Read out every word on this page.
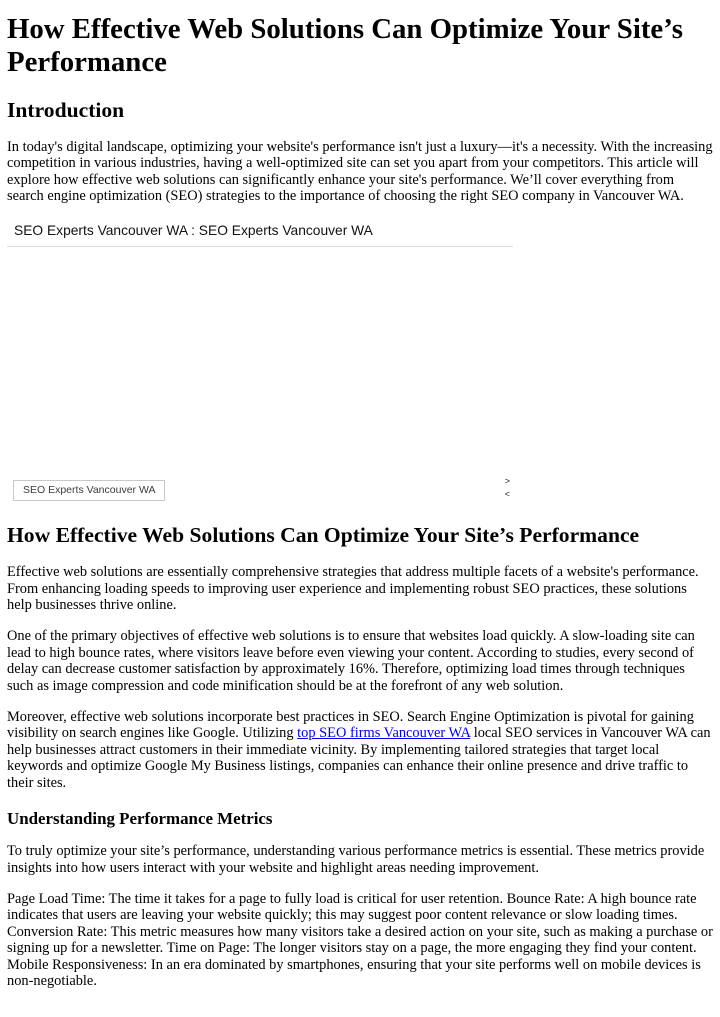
How Effective Web Solutions Can Optimize Your Site’s Performance
Introduction

In today's digital landscape, optimizing your website's performance isn't just a luxury—it's a necessity. With the increasing competition in various industries, having a well-optimized site can set you apart from your competitors. This article will explore how effective web solutions can significantly enhance your site's performance. We’ll cover everything from search engine optimization (SEO) strategies to the importance of choosing the right SEO company in Vancouver WA.

SEO Experts Vancouver WA : SEO Experts Vancouver WA
SEO Experts Vancouver WA
>
<
How Effective Web Solutions Can Optimize Your Site’s Performance

Effective web solutions are essentially comprehensive strategies that address multiple facets of a website's performance. From enhancing loading speeds to improving user experience and implementing robust SEO practices, these solutions help businesses thrive online.

One of the primary objectives of effective web solutions is to ensure that websites load quickly. A slow-loading site can lead to high bounce rates, where visitors leave before even viewing your content. According to studies, every second of delay can decrease customer satisfaction by approximately 16%. Therefore, optimizing load times through techniques such as image compression and code minification should be at the forefront of any web solution.

Moreover, effective web solutions incorporate best practices in SEO. Search Engine Optimization is pivotal for gaining visibility on search engines like Google. Utilizing top SEO firms Vancouver WA local SEO services in Vancouver WA can help businesses attract customers in their immediate vicinity. By implementing tailored strategies that target local keywords and optimize Google My Business listings, companies can enhance their online presence and drive traffic to their sites.

Understanding Performance Metrics

To truly optimize your site’s performance, understanding various performance metrics is essential. These metrics provide insights into how users interact with your website and highlight areas needing improvement.

Page Load Time: The time it takes for a page to fully load is critical for user retention. Bounce Rate: A high bounce rate indicates that users are leaving your website quickly; this may suggest poor content relevance or slow loading times. Conversion Rate: This metric measures how many visitors take a desired action on your site, such as making a purchase or signing up for a newsletter. Time on Page: The longer visitors stay on a page, the more engaging they find your content. Mobile Responsiveness: In an era dominated by smartphones, ensuring that your site performs well on mobile devices is non-negotiable.
